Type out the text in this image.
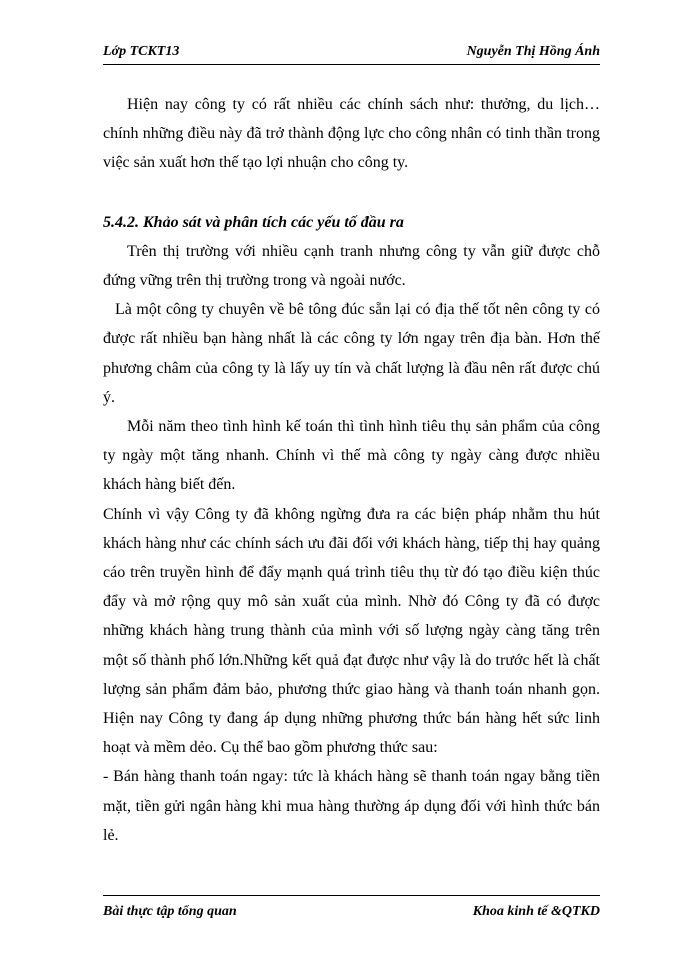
Lớp TCKT13	Nguyễn Thị Hồng Ánh

Hiện nay công ty có rất nhiều các chính sách như: thưởng, du lịch… chính những điều này đã trở thành động lực cho công nhân có tinh thần trong việc sản xuất hơn thế tạo lợi nhuận cho công ty.

5.4.2. Khảo sát và phân tích các yếu tố đầu ra

Trên thị trường với nhiều cạnh tranh nhưng công ty vẫn giữ được chỗ đứng vững trên thị trường trong và ngoài nước.

Là một công ty chuyên về bê tông đúc sẵn lại có địa thế tốt nên công ty có được rất nhiều bạn hàng nhất là các công ty lớn ngay trên địa bàn. Hơn thế phương châm của công ty là lấy uy tín và chất lượng là đầu nên rất được chú ý.

Mỗi năm theo tình hình kế toán thì tình hình tiêu thụ sản phẩm của công ty ngày một tăng nhanh. Chính vì thế mà công ty ngày càng được nhiều khách hàng biết đến.

Chính vì vậy Công ty đã không ngừng đưa ra các biện pháp nhằm thu hút khách hàng như các chính sách ưu đãi đối với khách hàng, tiếp thị hay quảng cáo trên truyền hình để đẩy mạnh quá trình tiêu thụ từ đó tạo điều kiện thúc đẩy và mở rộng quy mô sản xuất của mình. Nhờ đó Công ty đã có được những khách hàng trung thành của mình với số lượng ngày càng tăng trên một số thành phố lớn.Những kết quả đạt được như vậy là do trước hết là chất lượng sản phẩm đảm bảo, phương thức giao hàng và thanh toán nhanh gọn. Hiện nay Công ty đang áp dụng những phương thức bán hàng hết sức linh hoạt và mềm dẻo. Cụ thể bao gồm phương thức sau:

- Bán hàng thanh toán ngay: tức là khách hàng sẽ thanh toán ngay bằng tiền mặt, tiền gửi ngân hàng khi mua hàng thường áp dụng đối với hình thức bán lẻ.

Bài thực tập tổng quan	Khoa kinh tế &QTKD
